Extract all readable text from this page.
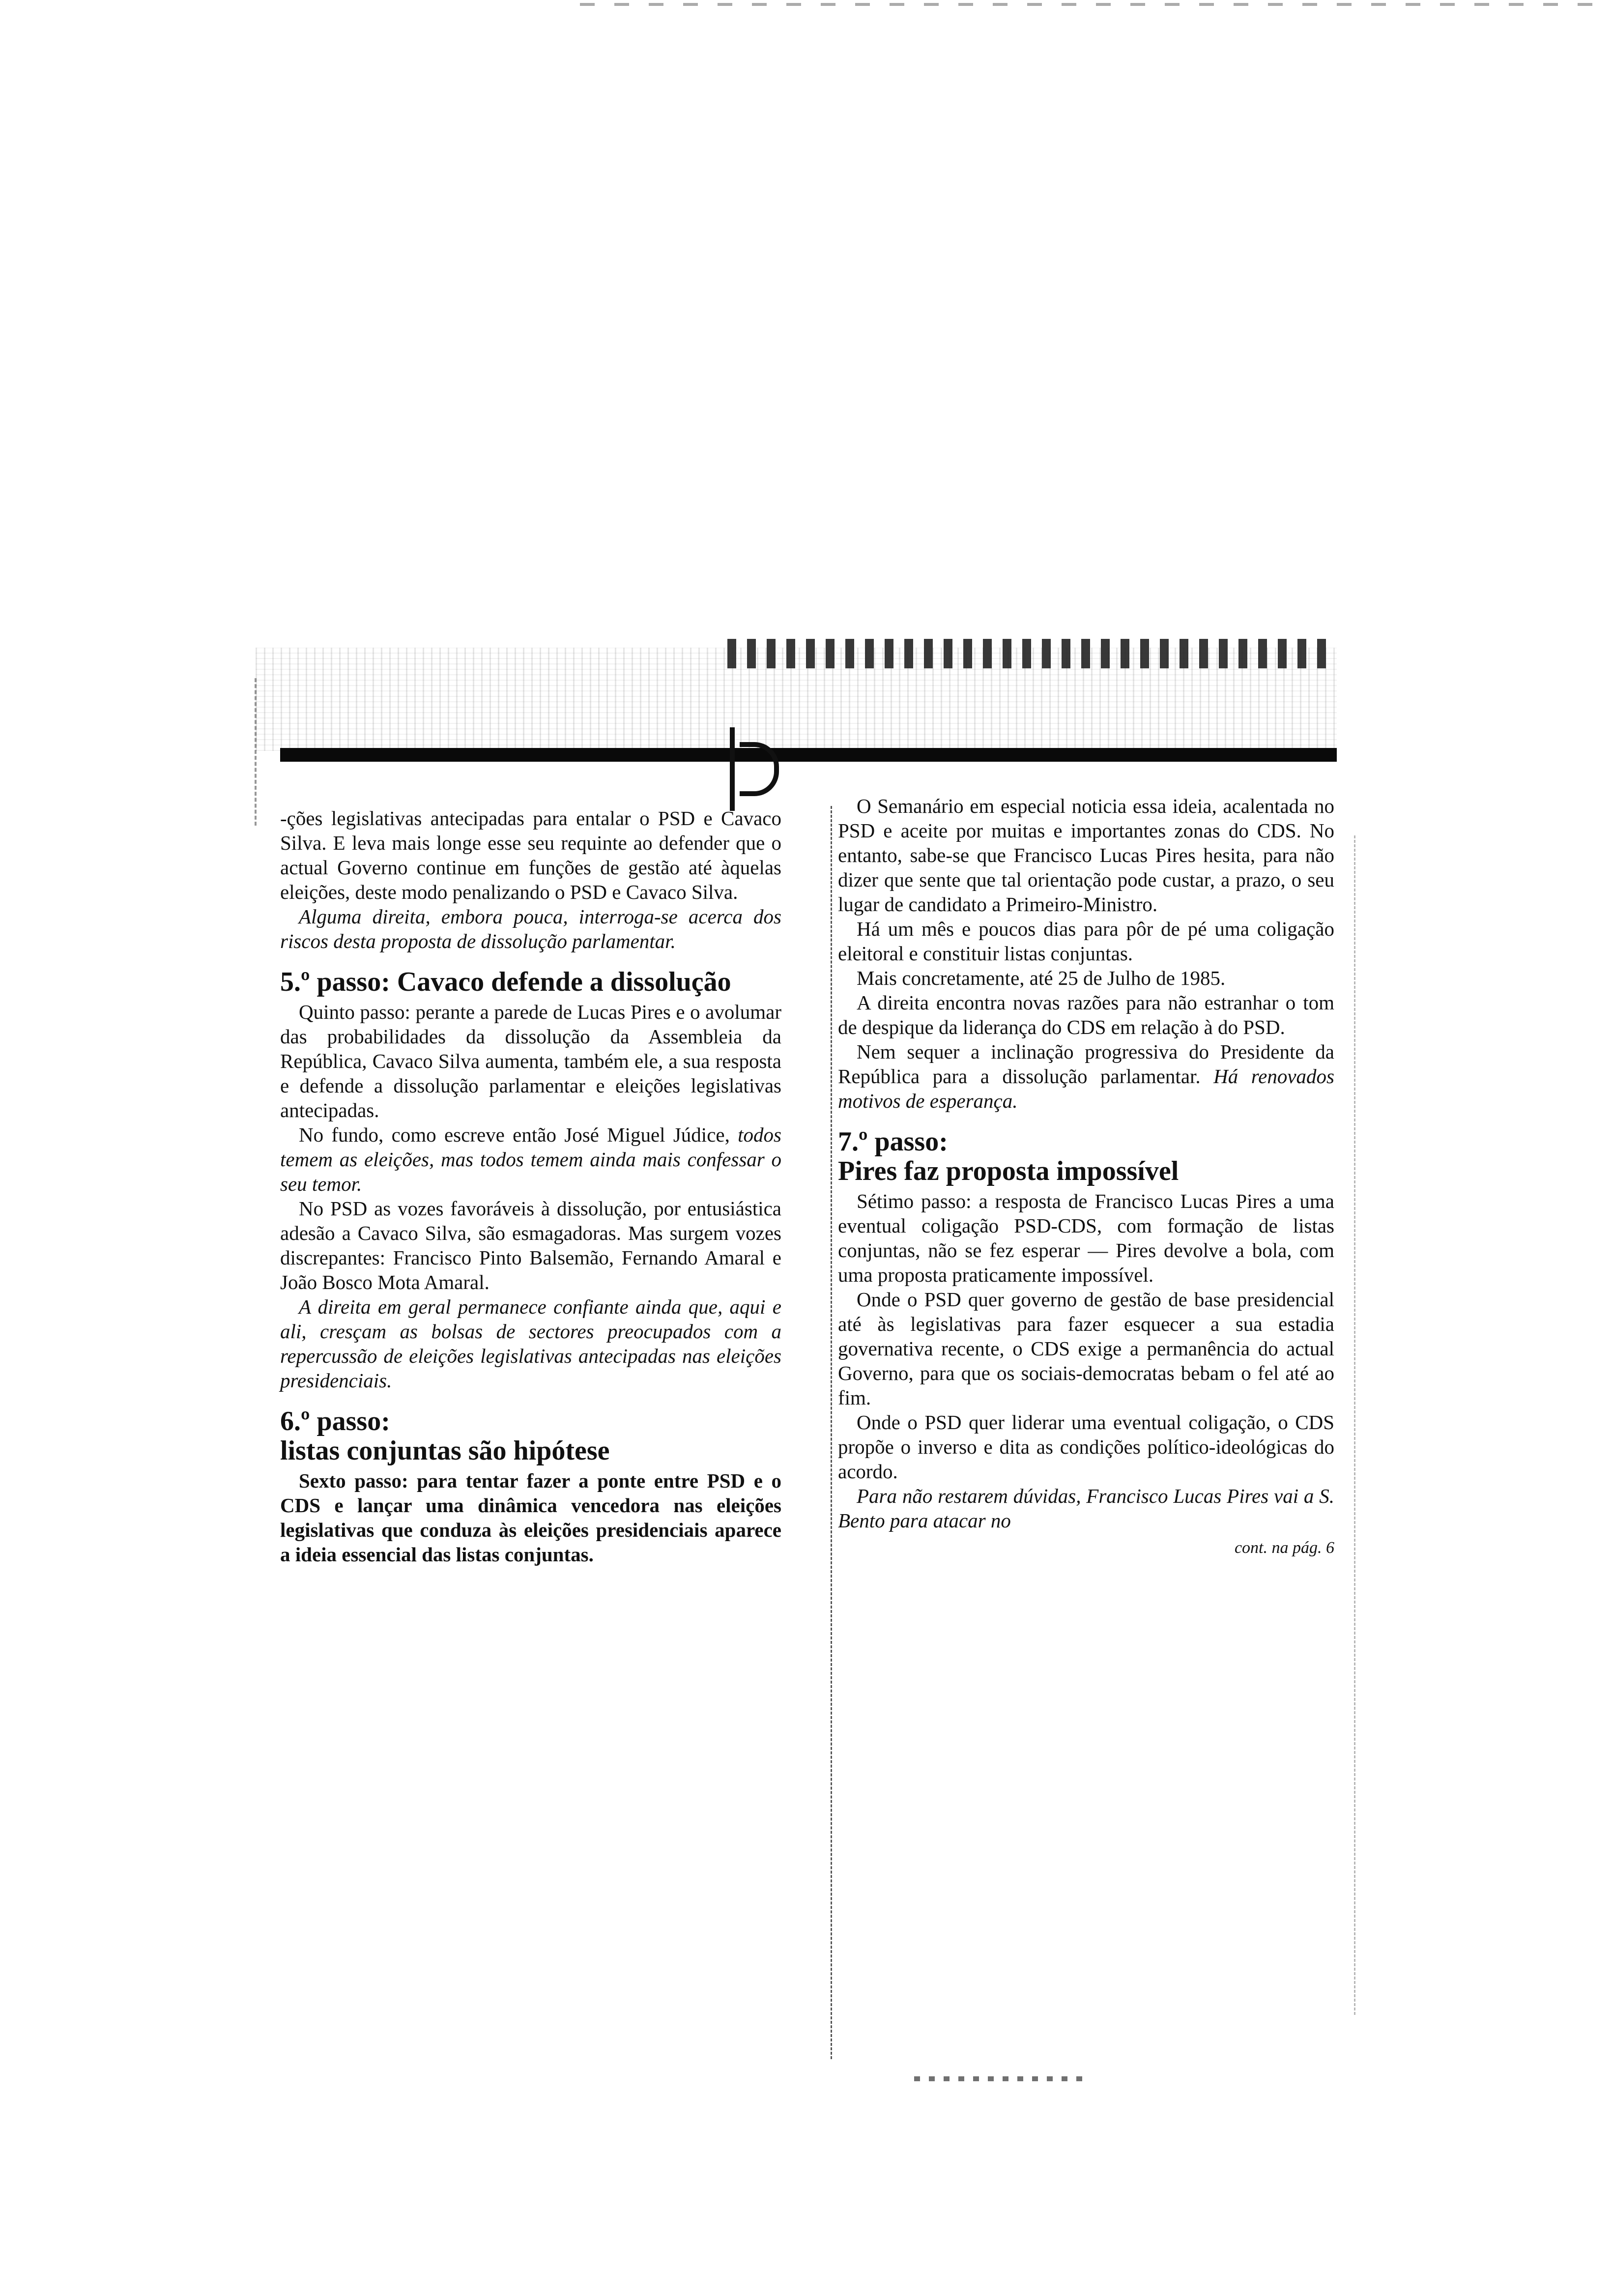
-ções legislativas antecipadas para entalar o PSD e Cavaco Silva. E leva mais longe esse seu requinte ao defender que o actual Governo continue em funções de gestão até àquelas eleições, deste modo penalizando o PSD e Cavaco Silva.

Alguma direita, embora pouca, interroga-se acerca dos riscos desta proposta de dissolução parlamentar.

5.º passo: Cavaco defende a dissolução

Quinto passo: perante a parede de Lucas Pires e o avolumar das probabilidades da dissolução da Assembleia da República, Cavaco Silva aumenta, também ele, a sua resposta e defende a dissolução parlamentar e eleições legislativas antecipadas.

No fundo, como escreve então José Miguel Júdice, todos temem as eleições, mas todos temem ainda mais confessar o seu temor.

No PSD as vozes favoráveis à dissolução, por entusiástica adesão a Cavaco Silva, são esmagadoras. Mas surgem vozes discrepantes: Francisco Pinto Balsemão, Fernando Amaral e João Bosco Mota Amaral.

A direita em geral permanece confiante ainda que, aqui e ali, cresçam as bolsas de sectores preocupados com a repercussão de eleições legislativas antecipadas nas eleições presidenciais.

6.º passo:
listas conjuntas são hipótese

Sexto passo: para tentar fazer a ponte entre PSD e o CDS e lançar uma dinâmica vencedora nas eleições legislativas que conduza às eleições presidenciais aparece a ideia essencial das listas conjuntas.

O Semanário em especial noticia essa ideia, acalentada no PSD e aceite por muitas e importantes zonas do CDS. No entanto, sabe-se que Francisco Lucas Pires hesita, para não dizer que sente que tal orientação pode custar, a prazo, o seu lugar de candidato a Primeiro-Ministro.

Há um mês e poucos dias para pôr de pé uma coligação eleitoral e constituir listas conjuntas.

Mais concretamente, até 25 de Julho de 1985.

A direita encontra novas razões para não estranhar o tom de despique da liderança do CDS em relação à do PSD.

Nem sequer a inclinação progressiva do Presidente da República para a dissolução parlamentar. Há renovados motivos de esperança.

7.º passo:
Pires faz proposta impossível

Sétimo passo: a resposta de Francisco Lucas Pires a uma eventual coligação PSD-CDS, com formação de listas conjuntas, não se fez esperar — Pires devolve a bola, com uma proposta praticamente impossível.

Onde o PSD quer governo de gestão de base presidencial até às legislativas para fazer esquecer a sua estadia governativa recente, o CDS exige a permanência do actual Governo, para que os sociais-democratas bebam o fel até ao fim.

Onde o PSD quer liderar uma eventual coligação, o CDS propõe o inverso e dita as condições político-ideológicas do acordo.

Para não restarem dúvidas, Francisco Lucas Pires vai a S. Bento para atacar no

cont. na pág. 6
